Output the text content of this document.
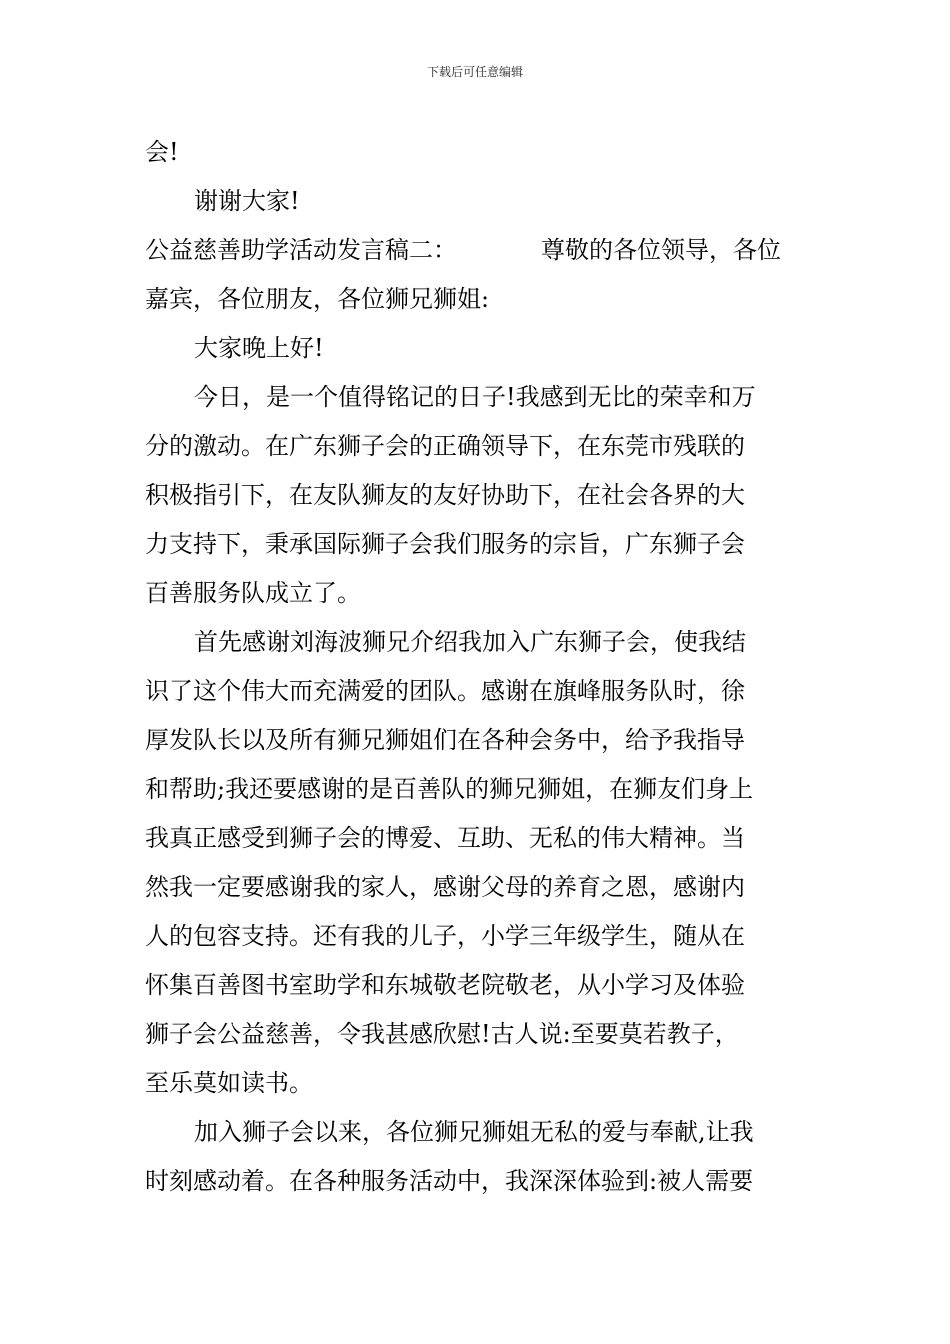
下载后可任意编辑
会!
谢谢大家!
公益慈善助学活动发言稿二：	尊敬的各位领导，各位
嘉宾，各位朋友，各位狮兄狮姐:
大家晚上好!
今日，是一个值得铭记的日子!我感到无比的荣幸和万
分的激动。在广东狮子会的正确领导下，在东莞市残联的
积极指引下，在友队狮友的友好协助下，在社会各界的大
力支持下，秉承国际狮子会我们服务的宗旨，广东狮子会
百善服务队成立了。
首先感谢刘海波狮兄介绍我加入广东狮子会，使我结
识了这个伟大而充满爱的团队。感谢在旗峰服务队时，徐
厚发队长以及所有狮兄狮姐们在各种会务中，给予我指导
和帮助;我还要感谢的是百善队的狮兄狮姐，在狮友们身上
我真正感受到狮子会的博爱、互助、无私的伟大精神。当
然我一定要感谢我的家人，感谢父母的养育之恩，感谢内
人的包容支持。还有我的儿子，小学三年级学生，随从在
怀集百善图书室助学和东城敬老院敬老，从小学习及体验
狮子会公益慈善，令我甚感欣慰!古人说:至要莫若教子，
至乐莫如读书。
加入狮子会以来，各位狮兄狮姐无私的爱与奉献,让我
时刻感动着。在各种服务活动中，我深深体验到:被人需要
